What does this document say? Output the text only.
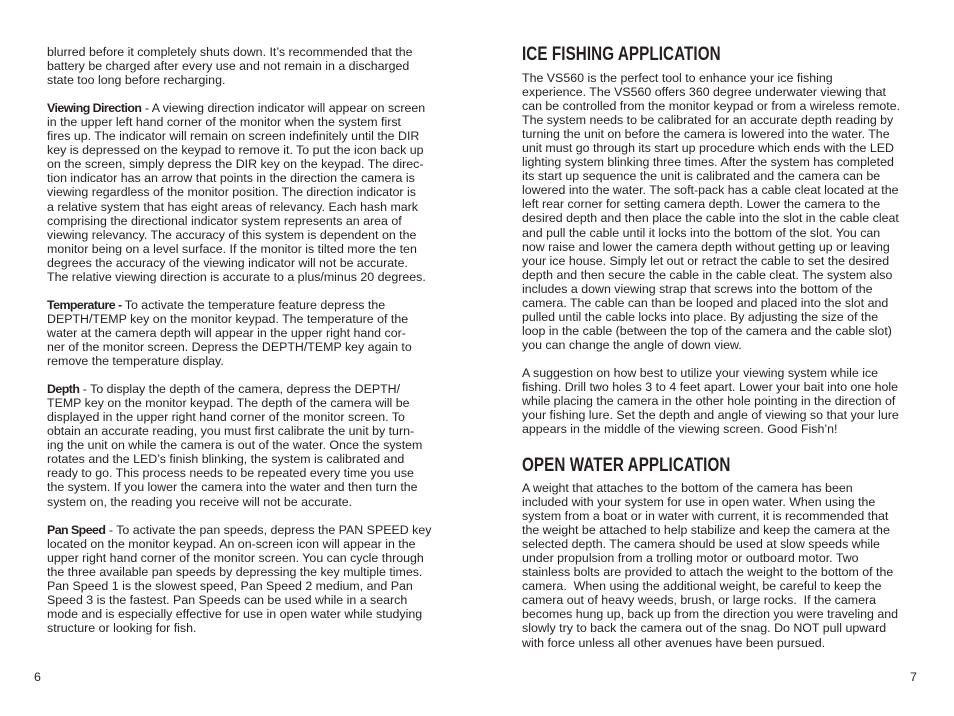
blurred before it completely shuts down. It’s recommended that the
battery be charged after every use and not remain in a discharged
state too long before recharging.
Viewing Direction - A viewing direction indicator will appear on screen
in the upper left hand corner of the monitor when the system first
fires up. The indicator will remain on screen indefinitely until the DIR
key is depressed on the keypad to remove it. To put the icon back up
on the screen, simply depress the DIR key on the keypad. The direc-
tion indicator has an arrow that points in the direction the camera is
viewing regardless of the monitor position. The direction indicator is
a relative system that has eight areas of relevancy. Each hash mark
comprising the directional indicator system represents an area of
viewing relevancy. The accuracy of this system is dependent on the
monitor being on a level surface. If the monitor is tilted more the ten
degrees the accuracy of the viewing indicator will not be accurate.
The relative viewing direction is accurate to a plus/minus 20 degrees.
Temperature - To activate the temperature feature depress the
DEPTH/TEMP key on the monitor keypad. The temperature of the
water at the camera depth will appear in the upper right hand cor-
ner of the monitor screen. Depress the DEPTH/TEMP key again to
remove the temperature display.
Depth - To display the depth of the camera, depress the DEPTH/
TEMP key on the monitor keypad. The depth of the camera will be
displayed in the upper right hand corner of the monitor screen. To
obtain an accurate reading, you must first calibrate the unit by turn-
ing the unit on while the camera is out of the water. Once the system
rotates and the LED’s finish blinking, the system is calibrated and
ready to go. This process needs to be repeated every time you use
the system. If you lower the camera into the water and then turn the
system on, the reading you receive will not be accurate.
Pan Speed - To activate the pan speeds, depress the PAN SPEED key
located on the monitor keypad. An on-screen icon will appear in the
upper right hand corner of the monitor screen. You can cycle through
the three available pan speeds by depressing the key multiple times.
Pan Speed 1 is the slowest speed, Pan Speed 2 medium, and Pan
Speed 3 is the fastest. Pan Speeds can be used while in a search
mode and is especially effective for use in open water while studying
structure or looking for fish.
6
ICE FISHING APPLICATION
The VS560 is the perfect tool to enhance your ice fishing
experience. The VS560 offers 360 degree underwater viewing that
can be controlled from the monitor keypad or from a wireless remote.
The system needs to be calibrated for an accurate depth reading by
turning the unit on before the camera is lowered into the water. The
unit must go through its start up procedure which ends with the LED
lighting system blinking three times. After the system has completed
its start up sequence the unit is calibrated and the camera can be
lowered into the water. The soft-pack has a cable cleat located at the
left rear corner for setting camera depth. Lower the camera to the
desired depth and then place the cable into the slot in the cable cleat
and pull the cable until it locks into the bottom of the slot. You can
now raise and lower the camera depth without getting up or leaving
your ice house. Simply let out or retract the cable to set the desired
depth and then secure the cable in the cable cleat. The system also
includes a down viewing strap that screws into the bottom of the
camera. The cable can than be looped and placed into the slot and
pulled until the cable locks into place. By adjusting the size of the
loop in the cable (between the top of the camera and the cable slot)
you can change the angle of down view.
A suggestion on how best to utilize your viewing system while ice
fishing. Drill two holes 3 to 4 feet apart. Lower your bait into one hole
while placing the camera in the other hole pointing in the direction of
your fishing lure. Set the depth and angle of viewing so that your lure
appears in the middle of the viewing screen. Good Fish’n!
OPEN WATER APPLICATION
A weight that attaches to the bottom of the camera has been
included with your system for use in open water. When using the
system from a boat or in water with current, it is recommended that
the weight be attached to help stabilize and keep the camera at the
selected depth. The camera should be used at slow speeds while
under propulsion from a trolling motor or outboard motor. Two
stainless bolts are provided to attach the weight to the bottom of the
camera.  When using the additional weight, be careful to keep the
camera out of heavy weeds, brush, or large rocks.  If the camera
becomes hung up, back up from the direction you were traveling and
slowly try to back the camera out of the snag. Do NOT pull upward
with force unless all other avenues have been pursued.
7
